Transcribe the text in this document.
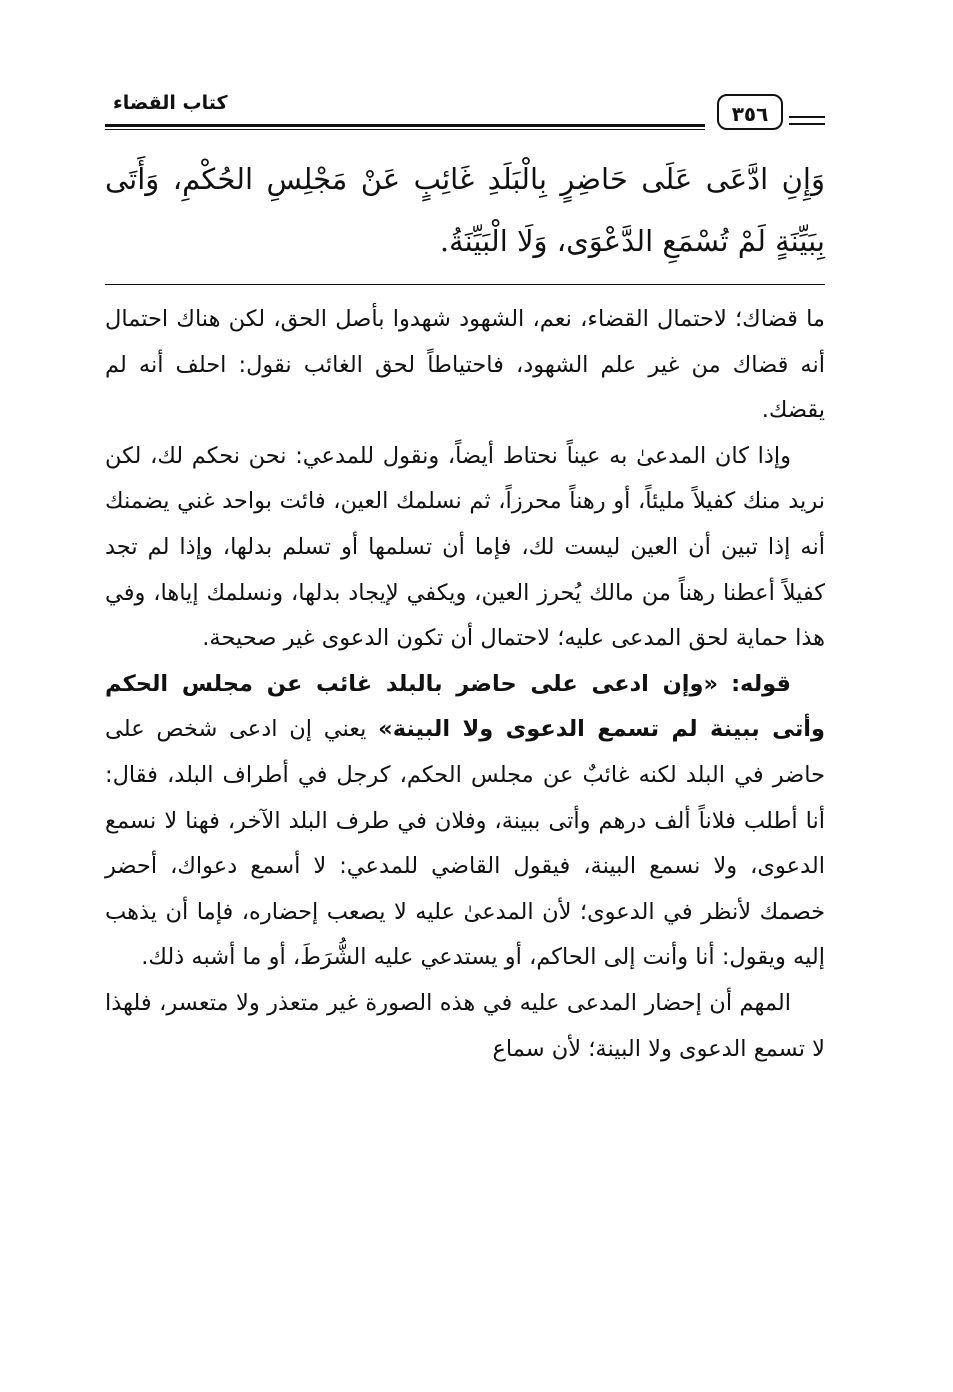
كتاب القضاء	٣٥٦
وَإِنِ ادَّعَى عَلَى حَاضِرٍ بِالْبَلَدِ غَائِبٍ عَنْ مَجْلِسِ الحُكْمِ، وَأَتَى بِبَيِّنَةٍ لَمْ تُسْمَعِ الدَّعْوَى، وَلَا الْبَيِّنَةُ.

ما قضاك؛ لاحتمال القضاء، نعم، الشهود شهدوا بأصل الحق، لكن هناك احتمال أنه قضاك من غير علم الشهود، فاحتياطاً لحق الغائب نقول: احلف أنه لم يقضك.

وإذا كان المدعىٰ به عيناً نحتاط أيضاً، ونقول للمدعي: نحن نحكم لك، لكن نريد منك كفيلاً مليئاً، أو رهناً محرزاً، ثم نسلمك العين، فائت بواحد غني يضمنك أنه إذا تبين أن العين ليست لك، فإما أن تسلمها أو تسلم بدلها، وإذا لم تجد كفيلاً أعطنا رهناً من مالك يُحرز العين، ويكفي لإيجاد بدلها، ونسلمك إياها، وفي هذا حماية لحق المدعى عليه؛ لاحتمال أن تكون الدعوى غير صحيحة.

قوله: «وإن ادعى على حاضر بالبلد غائب عن مجلس الحكم وأتى ببينة لم تسمع الدعوى ولا البينة» يعني إن ادعى شخص على حاضر في البلد لكنه غائبٌ عن مجلس الحكم، كرجل في أطراف البلد، فقال: أنا أطلب فلاناً ألف درهم وأتى ببينة، وفلان في طرف البلد الآخر، فهنا لا نسمع الدعوى، ولا نسمع البينة، فيقول القاضي للمدعي: لا أسمع دعواك، أحضر خصمك لأنظر في الدعوى؛ لأن المدعىٰ عليه لا يصعب إحضاره، فإما أن يذهب إليه ويقول: أنا وأنت إلى الحاكم، أو يستدعي عليه الشُّرَطَ، أو ما أشبه ذلك.

المهم أن إحضار المدعى عليه في هذه الصورة غير متعذر ولا متعسر، فلهذا لا تسمع الدعوى ولا البينة؛ لأن سماع
